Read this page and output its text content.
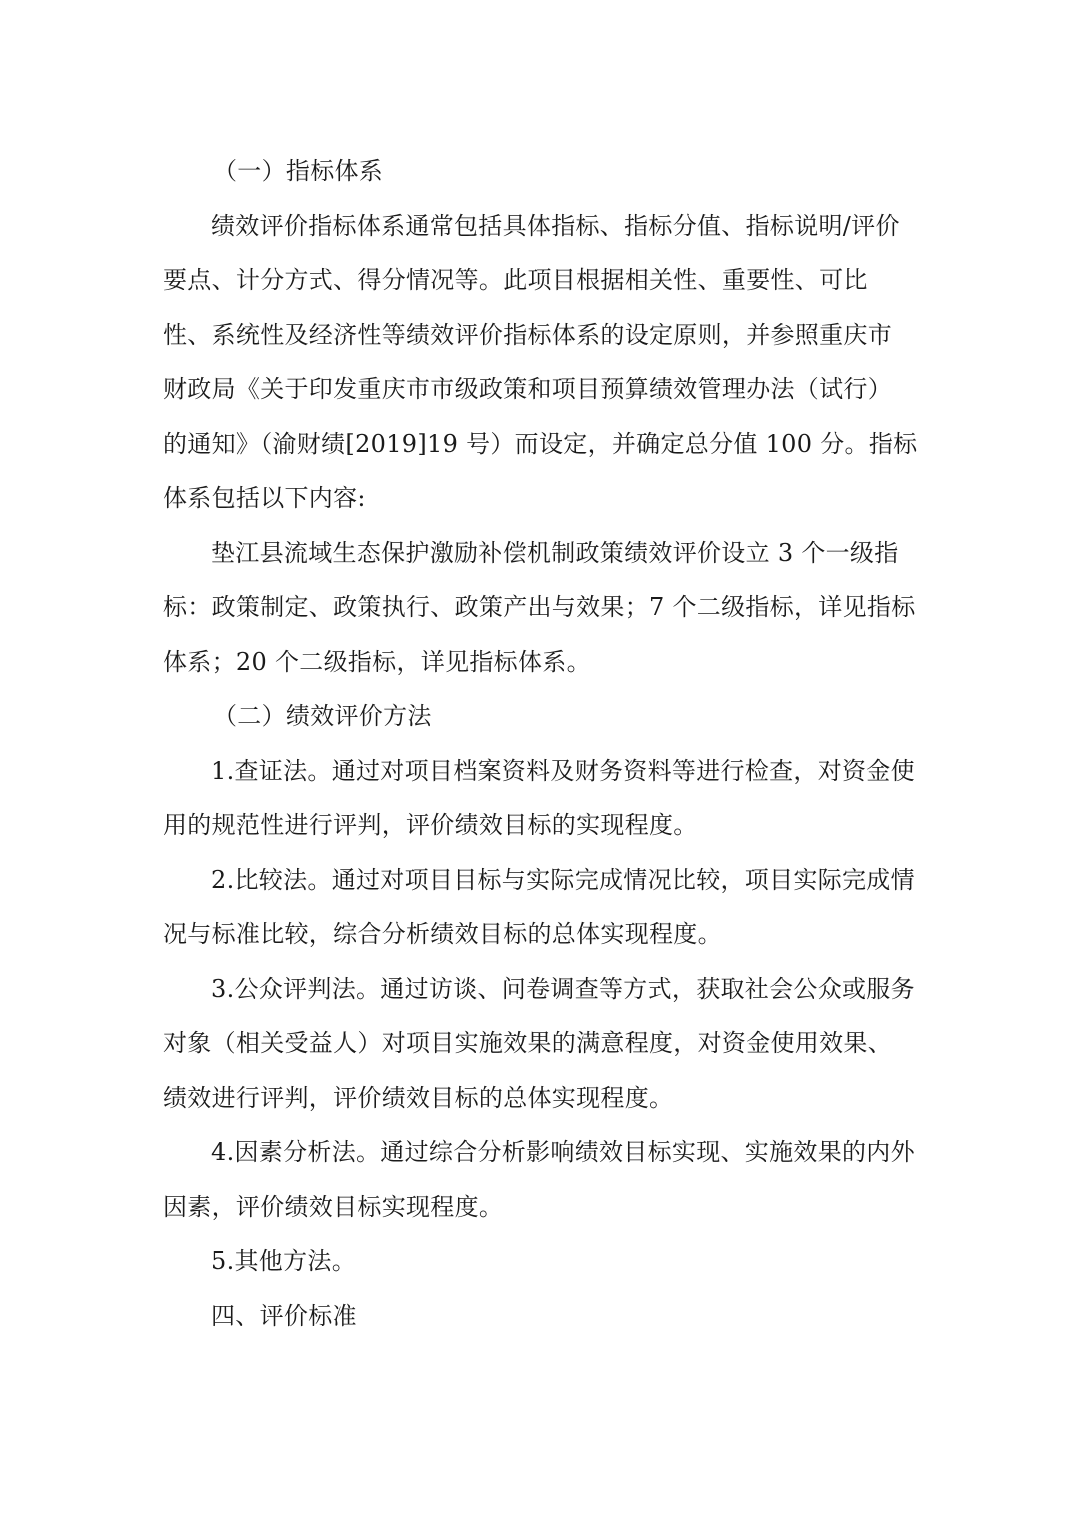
（一）指标体系

绩效评价指标体系通常包括具体指标、指标分值、指标说明/评价
要点、计分方式、得分情况等。此项目根据相关性、重要性、可比
性、系统性及经济性等绩效评价指标体系的设定原则，并参照重庆市
财政局《关于印发重庆市市级政策和项目预算绩效管理办法（试行）
的通知》（渝财绩[2019]19 号）而设定，并确定总分值 100 分。指标
体系包括以下内容:

垫江县流域生态保护激励补偿机制政策绩效评价设立 3 个一级指
标：政策制定、政策执行、政策产出与效果；7 个二级指标，详见指标
体系；20 个二级指标，详见指标体系。

（二）绩效评价方法

1.查证法。通过对项目档案资料及财务资料等进行检查，对资金使
用的规范性进行评判，评价绩效目标的实现程度。

2.比较法。通过对项目目标与实际完成情况比较，项目实际完成情
况与标准比较，综合分析绩效目标的总体实现程度。

3.公众评判法。通过访谈、问卷调查等方式，获取社会公众或服务
对象（相关受益人）对项目实施效果的满意程度，对资金使用效果、
绩效进行评判，评价绩效目标的总体实现程度。

4.因素分析法。通过综合分析影响绩效目标实现、实施效果的内外
因素，评价绩效目标实现程度。

5.其他方法。

四、评价标准
